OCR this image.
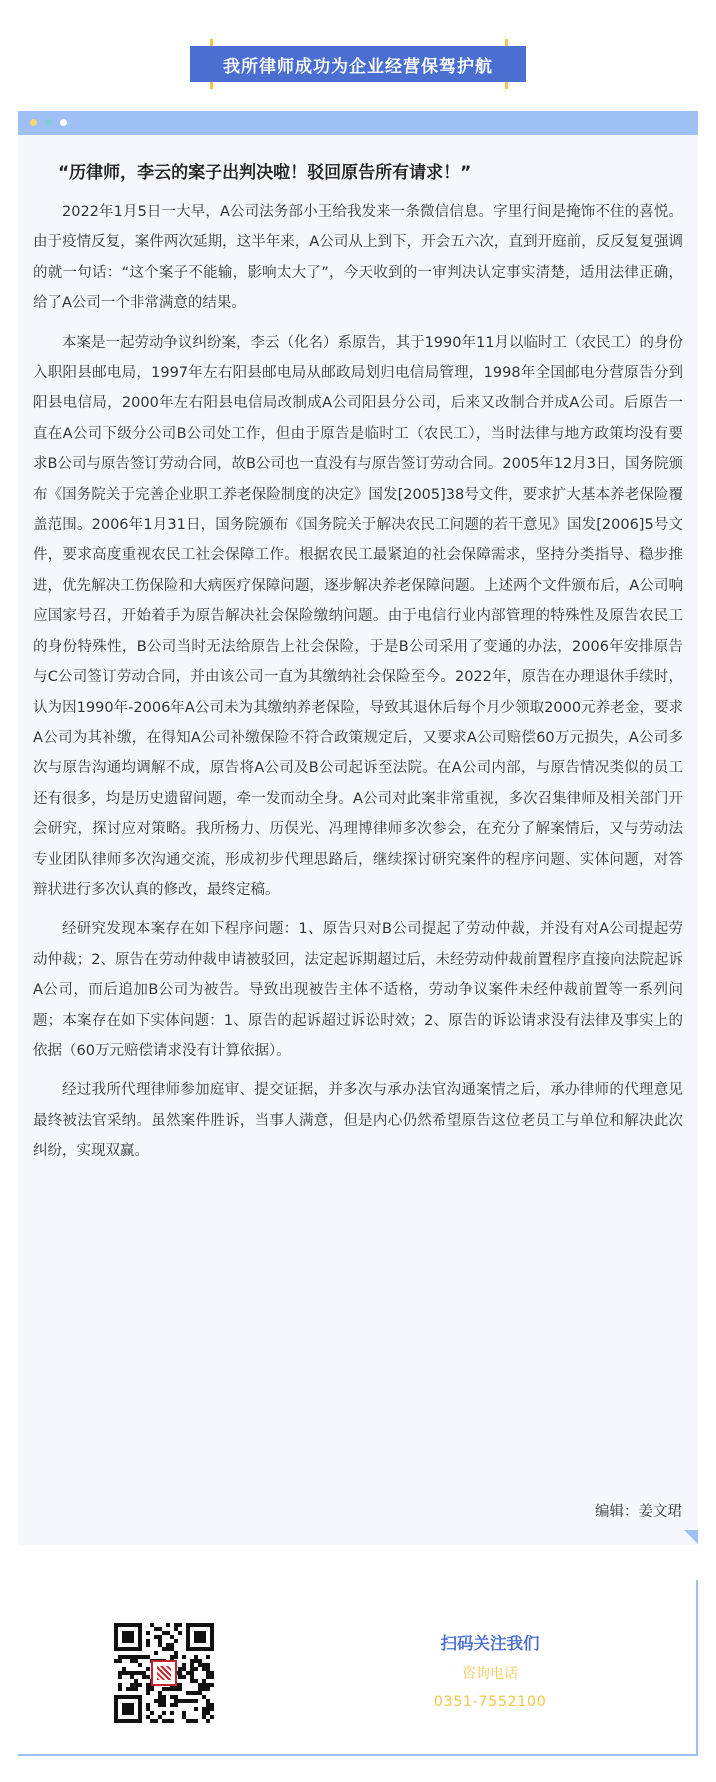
我所律师成功为企业经营保驾护航
“历律师，李云的案子出判决啦！驳回原告所有请求！”

2022年1月5日一大早，A公司法务部小王给我发来一条微信信息。字里行间是掩饰不住的喜悦。由于疫情反复，案件两次延期，这半年来，A公司从上到下，开会五六次，直到开庭前，反反复复强调的就一句话：“这个案子不能输，影响太大了”，今天收到的一审判决认定事实清楚，适用法律正确，给了A公司一个非常满意的结果。

本案是一起劳动争议纠纷案，李云（化名）系原告，其于1990年11月以临时工（农民工）的身份入职阳县邮电局，1997年左右阳县邮电局从邮政局划归电信局管理，1998年全国邮电分营原告分到阳县电信局，2000年左右阳县电信局改制成A公司阳县分公司，后来又改制合并成A公司。后原告一直在A公司下级分公司B公司处工作，但由于原告是临时工（农民工），当时法律与地方政策均没有要求B公司与原告签订劳动合同，故B公司也一直没有与原告签订劳动合同。2005年12月3日，国务院颁布《国务院关于完善企业职工养老保险制度的决定》国发[2005]38号文件，要求扩大基本养老保险覆盖范围。2006年1月31日，国务院颁布《国务院关于解决农民工问题的若干意见》国发[2006]5号文件，要求高度重视农民工社会保障工作。根据农民工最紧迫的社会保障需求，坚持分类指导、稳步推进，优先解决工伤保险和大病医疗保障问题，逐步解决养老保障问题。上述两个文件颁布后，A公司响应国家号召，开始着手为原告解决社会保险缴纳问题。由于电信行业内部管理的特殊性及原告农民工的身份特殊性，B公司当时无法给原告上社会保险，于是B公司采用了变通的办法，2006年安排原告与C公司签订劳动合同，并由该公司一直为其缴纳社会保险至今。2022年，原告在办理退休手续时，认为因1990年-2006年A公司未为其缴纳养老保险，导致其退休后每个月少领取2000元养老金，要求A公司为其补缴，在得知A公司补缴保险不符合政策规定后，又要求A公司赔偿60万元损失，A公司多次与原告沟通均调解不成，原告将A公司及B公司起诉至法院。在A公司内部，与原告情况类似的员工还有很多，均是历史遗留问题，牵一发而动全身。A公司对此案非常重视，多次召集律师及相关部门开会研究，探讨应对策略。我所杨力、历俣光、冯理博律师多次参会，在充分了解案情后，又与劳动法专业团队律师多次沟通交流，形成初步代理思路后，继续探讨研究案件的程序问题、实体问题，对答辩状进行多次认真的修改，最终定稿。

经研究发现本案存在如下程序问题：1、原告只对B公司提起了劳动仲裁，并没有对A公司提起劳动仲裁；2、原告在劳动仲裁申请被驳回，法定起诉期超过后，未经劳动仲裁前置程序直接向法院起诉A公司，而后追加B公司为被告。导致出现被告主体不适格，劳动争议案件未经仲裁前置等一系列问题；本案存在如下实体问题：1、原告的起诉超过诉讼时效；2、原告的诉讼请求没有法律及事实上的依据（60万元赔偿请求没有计算依据）。

经过我所代理律师参加庭审、提交证据，并多次与承办法官沟通案情之后，承办律师的代理意见最终被法官采纳。虽然案件胜诉，当事人满意，但是内心仍然希望原告这位老员工与单位和解决此次纠纷，实现双赢。

编辑：姜文珺
扫码关注我们
咨询电话
0351-7552100
